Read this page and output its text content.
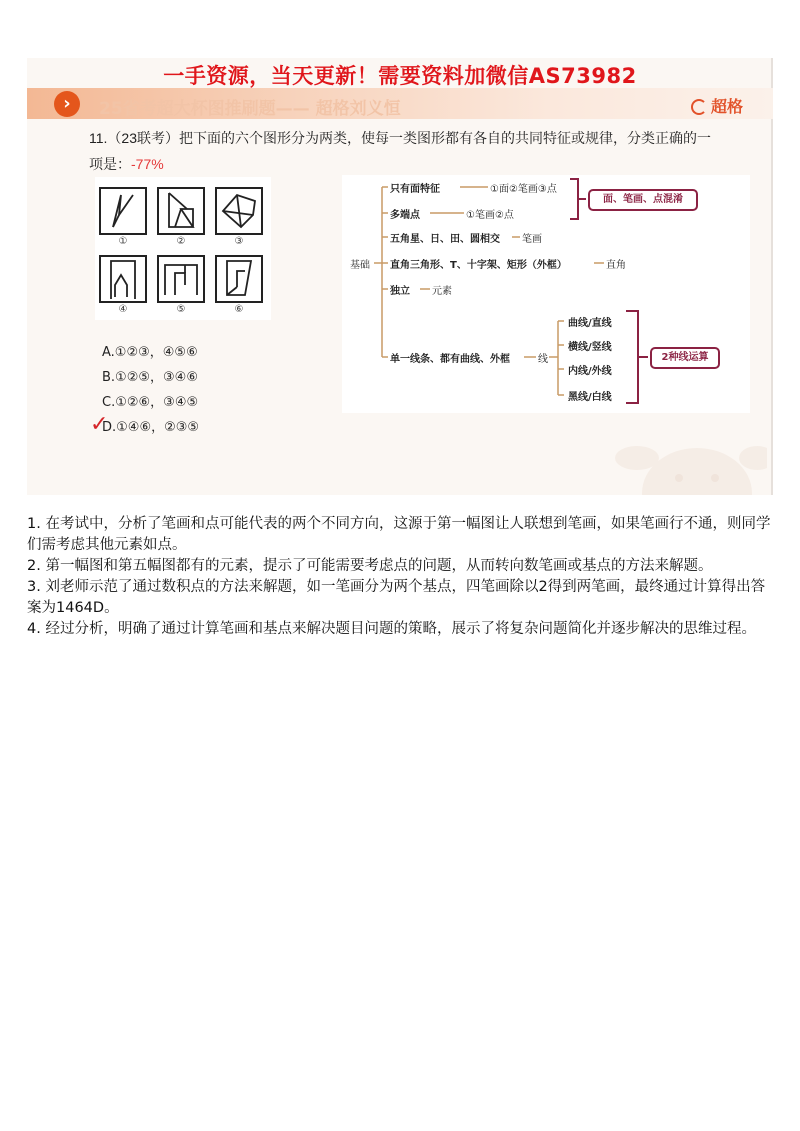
一手资源，当天更新！需要资料加微信AS73982
›	25省考超大杯图推刷题—— 超格刘义恒	超格
11.（23联考）把下面的六个图形分为两类，使每一类图形都有各自的共同特征或规律，分类正确的一
项是：-77%
①	②	③
④	⑤	⑥
A.①②③，④⑤⑥
B.①②⑤，③④⑥
C.①②⑥，③④⑤
D.①④⑥，②③⑤
✓
基础
只有面特征	①面②笔画③点
多端点	①笔画②点
面、笔画、点混淆
五角星、日、田、圆相交 笔画
直角三角形、T、十字架、矩形（外框）	直角
独立 元素
单一线条、都有曲线、外框	线
曲线/直线
横线/竖线
内线/外线
黑线/白线
2种线运算

1. 在考试中，分析了笔画和点可能代表的两个不同方向，这源于第一幅图让人联想到笔画，如果笔画行不通，则同学们需考虑其他元素如点。

2. 第一幅图和第五幅图都有的元素，提示了可能需要考虑点的问题，从而转向数笔画或基点的方法来解题。

3. 刘老师示范了通过数积点的方法来解题，如一笔画分为两个基点，四笔画除以2得到两笔画，最终通过计算得出答案为1464D。

4. 经过分析，明确了通过计算笔画和基点来解决题目问题的策略，展示了将复杂问题简化并逐步解决的思维过程。
